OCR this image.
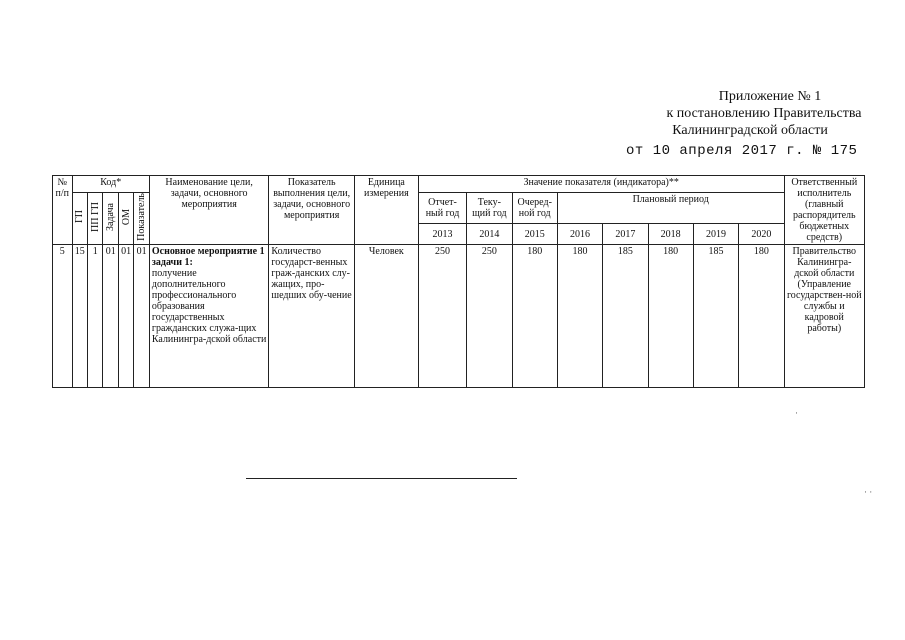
Приложение № 1
к постановлению Правительства
Калининградской области
от 10 апреля 2017 г. № 175
№ п/п	Код*					Наименование цели, задачи, основного мероприятия	Показатель выполнения цели, задачи, основного мероприятия	Единица измерения	Значение показателя (индикатора)**								Ответственный исполнитель (главный распорядитель бюджетных средств)
	ГП	ПП ГП	Задача	ОМ	Показатель				Отчет-ный год	Теку-щий год	Очеред-ной год	Плановый период					
									2013	2014	2015	2016	2017	2018	2019	2020	
5	15	1	01	01	01	Основное мероприятие 1 задачи 1:
получение дополнительного профессионального образования государственных гражданских служа-щих Калинингра-дской области	Количество государст-венных граж-данских слу-жащих, про-шедших обу-чение	Человек	250	250	180	180	185	180	185	180	Правительство Калинингра-дской области (Управление государствен-ной службы и кадровой работы)
·
· ·
